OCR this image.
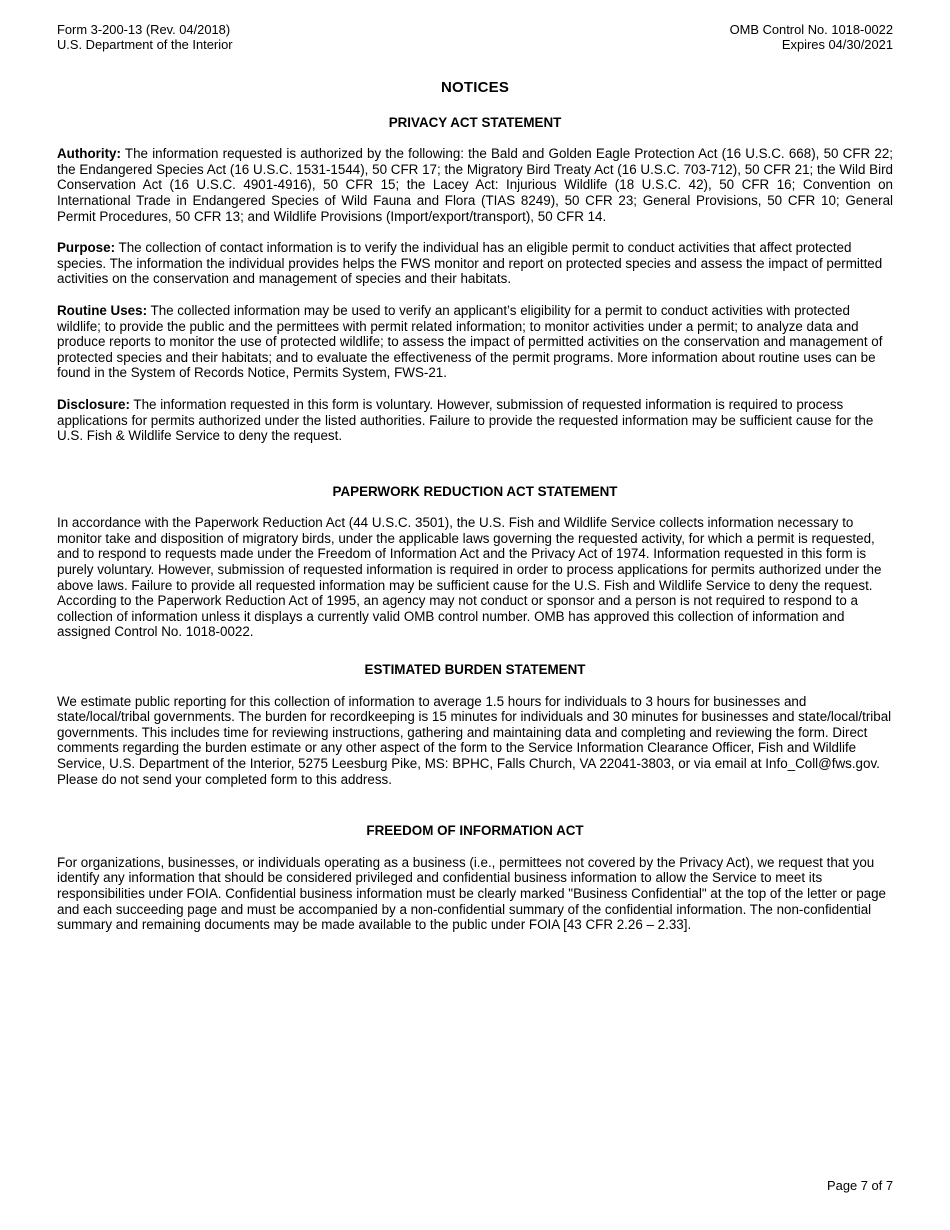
Form 3-200-13 (Rev. 04/2018)
U.S. Department of the Interior
OMB Control No. 1018-0022
Expires 04/30/2021
NOTICES
PRIVACY ACT STATEMENT

Authority: The information requested is authorized by the following: the Bald and Golden Eagle Protection Act (16 U.S.C. 668), 50 CFR 22; the Endangered Species Act (16 U.S.C. 1531-1544), 50 CFR 17; the Migratory Bird Treaty Act (16 U.S.C. 703-712), 50 CFR 21; the Wild Bird Conservation Act (16 U.S.C. 4901-4916), 50 CFR 15; the Lacey Act: Injurious Wildlife (18 U.S.C. 42), 50 CFR 16; Convention on International Trade in Endangered Species of Wild Fauna and Flora (TIAS 8249), 50 CFR 23; General Provisions, 50 CFR 10; General Permit Procedures, 50 CFR 13; and Wildlife Provisions (Import/export/transport), 50 CFR 14.

Purpose: The collection of contact information is to verify the individual has an eligible permit to conduct activities that affect protected species. The information the individual provides helps the FWS monitor and report on protected species and assess the impact of permitted activities on the conservation and management of species and their habitats.

Routine Uses: The collected information may be used to verify an applicant’s eligibility for a permit to conduct activities with protected wildlife; to provide the public and the permittees with permit related information; to monitor activities under a permit; to analyze data and produce reports to monitor the use of protected wildlife; to assess the impact of permitted activities on the conservation and management of protected species and their habitats; and to evaluate the effectiveness of the permit programs. More information about routine uses can be found in the System of Records Notice, Permits System, FWS-21.

Disclosure: The information requested in this form is voluntary. However, submission of requested information is required to process applications for permits authorized under the listed authorities. Failure to provide the requested information may be sufficient cause for the U.S. Fish & Wildlife Service to deny the request.

PAPERWORK REDUCTION ACT STATEMENT

In accordance with the Paperwork Reduction Act (44 U.S.C. 3501), the U.S. Fish and Wildlife Service collects information necessary to monitor take and disposition of migratory birds, under the applicable laws governing the requested activity, for which a permit is requested, and to respond to requests made under the Freedom of Information Act and the Privacy Act of 1974. Information requested in this form is purely voluntary. However, submission of requested information is required in order to process applications for permits authorized under the above laws. Failure to provide all requested information may be sufficient cause for the U.S. Fish and Wildlife Service to deny the request. According to the Paperwork Reduction Act of 1995, an agency may not conduct or sponsor and a person is not required to respond to a collection of information unless it displays a currently valid OMB control number. OMB has approved this collection of information and assigned Control No. 1018-0022.

ESTIMATED BURDEN STATEMENT

We estimate public reporting for this collection of information to average 1.5 hours for individuals to 3 hours for businesses and state/local/tribal governments. The burden for recordkeeping is 15 minutes for individuals and 30 minutes for businesses and state/local/tribal governments. This includes time for reviewing instructions, gathering and maintaining data and completing and reviewing the form. Direct comments regarding the burden estimate or any other aspect of the form to the Service Information Clearance Officer, Fish and Wildlife Service, U.S. Department of the Interior, 5275 Leesburg Pike, MS: BPHC, Falls Church, VA 22041-3803, or via email at Info_Coll@fws.gov. Please do not send your completed form to this address.

FREEDOM OF INFORMATION ACT

For organizations, businesses, or individuals operating as a business (i.e., permittees not covered by the Privacy Act), we request that you identify any information that should be considered privileged and confidential business information to allow the Service to meet its responsibilities under FOIA. Confidential business information must be clearly marked "Business Confidential" at the top of the letter or page and each succeeding page and must be accompanied by a non-confidential summary of the confidential information. The non-confidential summary and remaining documents may be made available to the public under FOIA [43 CFR 2.26 – 2.33].

Page 7 of 7
